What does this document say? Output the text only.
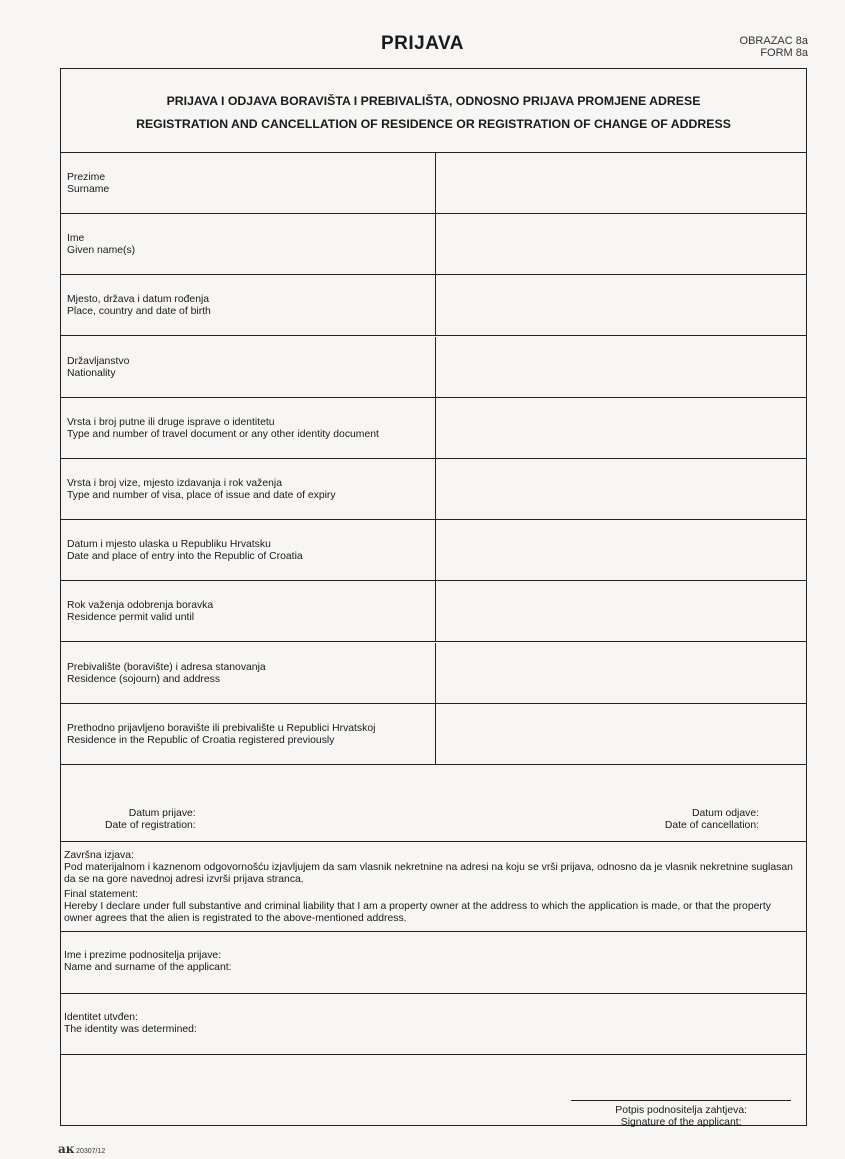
PRIJAVA	OBRAZAC 8a
FORM 8a
PRIJAVA I ODJAVA BORAVIŠTA I PREBIVALIŠTA, ODNOSNO PRIJAVA PROMJENE ADRESE
REGISTRATION AND CANCELLATION OF RESIDENCE OR REGISTRATION OF CHANGE OF ADDRESS
Prezime
Surname
Ime
Given name(s)
Mjesto, država i datum rođenja
Place, country and date of birth
Državljanstvo
Nationality
Vrsta i broj putne ili druge isprave o identitetu
Type and number of travel document or any other identity document
Vrsta i broj vize, mjesto izdavanja i rok važenja
Type and number of visa, place of issue and date of expiry
Datum i mjesto ulaska u Republiku Hrvatsku
Date and place of entry into the Republic of Croatia
Rok važenja odobrenja boravka
Residence permit valid until
Prebivalište (boravište) i adresa stanovanja
Residence (sojourn) and address
Prethodno prijavljeno boravište ili prebivalište u Republici Hrvatskoj
Residence in the Republic of Croatia registered previously
Datum prijave:
Date of registration:
Datum odjave:
Date of cancellation:

Završna izjava:
Pod materijalnom i kaznenom odgovornošću izjavljujem da sam vlasnik nekretnine na adresi na koju se vrši prijava, odnosno da je vlasnik nekretnine suglasan da se na gore navednoj adresi izvrši prijava stranca.

Final statement:
Hereby I declare under full substantive and criminal liability that I am a property owner at the address to which the application is made, or that the property owner agrees that the alien is registrated to the above-mentioned address.

Ime i prezime podnositelja prijave:
Name and surname of the applicant:
Identitet utvđen:
The identity was determined:
Potpis podnositelja zahtjeva:
Signature of the applicant:
aĸ 20307/12
